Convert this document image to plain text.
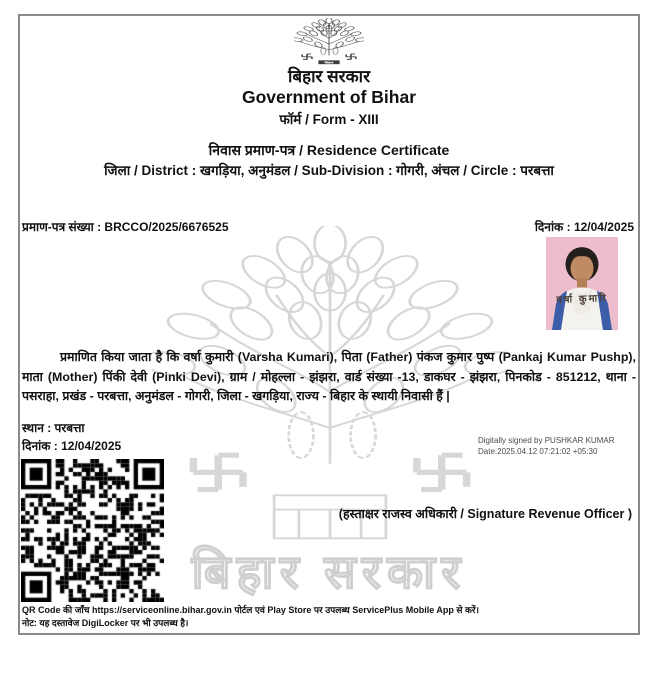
बिहार सरकार
बिहार
बिहार सरकार
Government of Bihar
फॉर्म / Form - XIII
निवास प्रमाण-पत्र / Residence Certificate
जिला / District : खगड़िया, अनुमंडल / Sub-Division : गोगरी, अंचल / Circle : परबत्ता
प्रमाण-पत्र संख्या : BRCCO/2025/6676525	दिनांक : 12/04/2025
वर्षा कुमारि
प्रमाणित किया जाता है कि वर्षा कुमारी (Varsha Kumari), पिता (Father) पंकज कुमार पुष्प (Pankaj Kumar Pushp), माता (Mother) पिंकी देवी (Pinki Devi), ग्राम / मोहल्ला - झंझरा, वार्ड संख्या -13, डाकघर - झंझरा, पिनकोड - 851212, थाना - पसराहा, प्रखंड - परबत्ता, अनुमंडल - गोगरी, जिला - खगड़िया, राज्य - बिहार के स्थायी निवासी हैं |
स्थान : परबत्ता
दिनांक : 12/04/2025	Digitally signed by PUSHKAR KUMAR
Date:2025.04.12 07:21:02 +05:30
(हस्ताक्षर राजस्व अधिकारी / Signature Revenue Officer )
QR Code की जाँच https://serviceonline.bihar.gov.in पोर्टल एवं Play Store पर उपलब्ध ServicePlus Mobile App से करें।
नोट: यह दस्तावेज DigiLocker पर भी उपलब्ध है।
